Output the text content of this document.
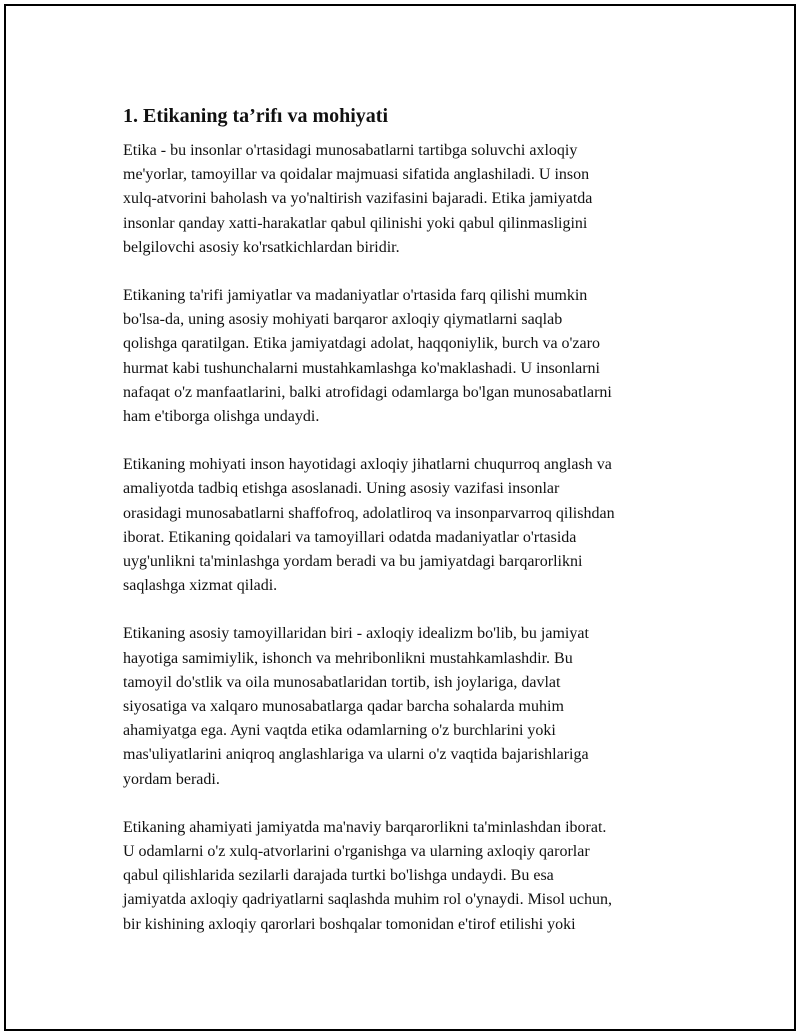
1. Etikaning ta’rifı va mohiyati

Etika - bu insonlar o'rtasidagi munosabatlarni tartibga soluvchi axloqiy
me'yorlar, tamoyillar va qoidalar majmuasi sifatida anglashiladi. U inson
xulq-atvorini baholash va yo'naltirish vazifasini bajaradi. Etika jamiyatda
insonlar qanday xatti-harakatlar qabul qilinishi yoki qabul qilinmasligini
belgilovchi asosiy ko'rsatkichlardan biridir.

Etikaning ta'rifi jamiyatlar va madaniyatlar o'rtasida farq qilishi mumkin
bo'lsa-da, uning asosiy mohiyati barqaror axloqiy qiymatlarni saqlab
qolishga qaratilgan. Etika jamiyatdagi adolat, haqqoniylik, burch va o'zaro
hurmat kabi tushunchalarni mustahkamlashga ko'maklashadi. U insonlarni
nafaqat o'z manfaatlarini, balki atrofidagi odamlarga bo'lgan munosabatlarni
ham e'tiborga olishga undaydi.

Etikaning mohiyati inson hayotidagi axloqiy jihatlarni chuqurroq anglash va
amaliyotda tadbiq etishga asoslanadi. Uning asosiy vazifasi insonlar
orasidagi munosabatlarni shaffofroq, adolatliroq va insonparvarroq qilishdan
iborat. Etikaning qoidalari va tamoyillari odatda madaniyatlar o'rtasida
uyg'unlikni ta'minlashga yordam beradi va bu jamiyatdagi barqarorlikni
saqlashga xizmat qiladi.

Etikaning asosiy tamoyillaridan biri - axloqiy idealizm bo'lib, bu jamiyat
hayotiga samimiylik, ishonch va mehribonlikni mustahkamlashdir. Bu
tamoyil do'stlik va oila munosabatlaridan tortib, ish joylariga, davlat
siyosatiga va xalqaro munosabatlarga qadar barcha sohalarda muhim
ahamiyatga ega. Ayni vaqtda etika odamlarning o'z burchlarini yoki
mas'uliyatlarini aniqroq anglashlariga va ularni o'z vaqtida bajarishlariga
yordam beradi.

Etikaning ahamiyati jamiyatda ma'naviy barqarorlikni ta'minlashdan iborat.
U odamlarni o'z xulq-atvorlarini o'rganishga va ularning axloqiy qarorlar
qabul qilishlarida sezilarli darajada turtki bo'lishga undaydi. Bu esa
jamiyatda axloqiy qadriyatlarni saqlashda muhim rol o'ynaydi. Misol uchun,
bir kishining axloqiy qarorlari boshqalar tomonidan e'tirof etilishi yoki
